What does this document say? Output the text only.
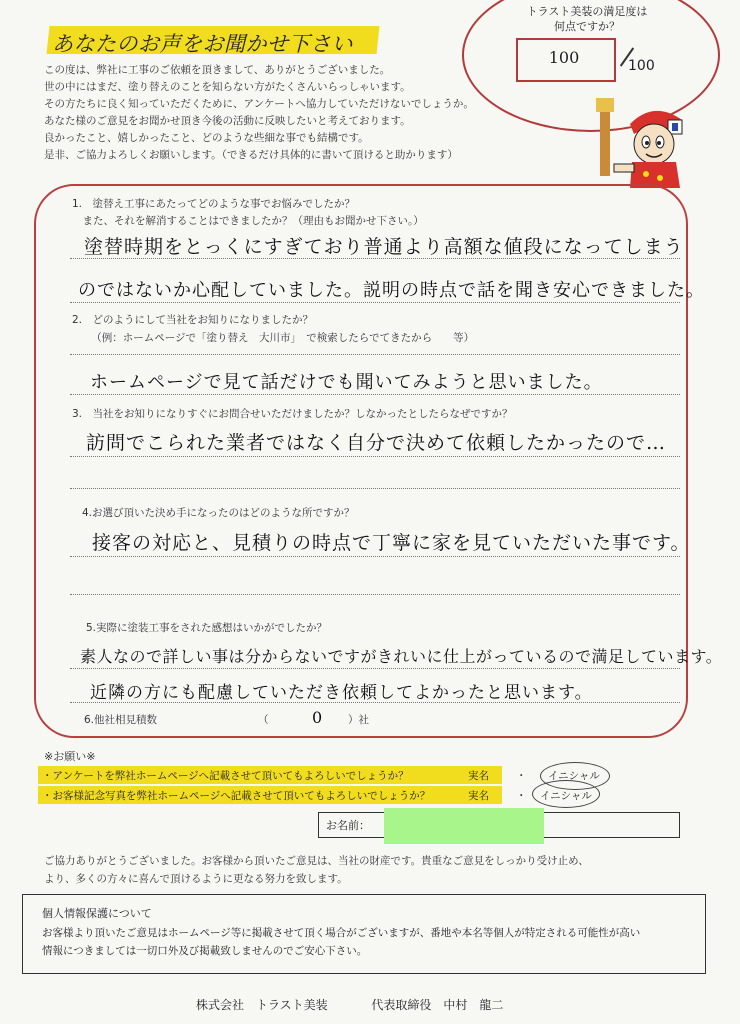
あなたのお声をお聞かせ下さい
この度は、弊社に工事のご依頼を頂きまして、ありがとうございました。
世の中にはまだ、塗り替えのことを知らない方がたくさんいらっしゃいます。
その方たちに良く知っていただくために、アンケートへ協力していただけないでしょうか。
あなた様のご意見をお聞かせ頂き今後の活動に反映したいと考えております。
良かったこと、嬉しかったこと、どのような些細な事でも結構です。
是非、ご協力よろしくお願いします。（できるだけ具体的に書いて頂けると助かります）
トラスト美装の満足度は
何点ですか？
100	100
1.　塗替え工事にあたってどのような事でお悩みでしたか？
　また、それを解消することはできましたか？（理由もお聞かせ下さい。）
塗替時期をとっくにすぎており普通より高額な値段になってしまう
のではないか心配していました。説明の時点で話を聞き安心できました。
2.　どのようにして当社をお知りになりましたか？
　（例：ホームページで「塗り替え　大川市」　で検索したらでてきたから　　等）
ホームページで見て話だけでも聞いてみようと思いました。
3.　当社をお知りになりすぐにお問合せいただけましたか？しなかったとしたらなぜですか？
訪問でこられた業者ではなく自分で決めて依頼したかったので…
4.お選び頂いた決め手になったのはどのような所ですか？
接客の対応と、見積りの時点で丁寧に家を見ていただいた事です。
5.実際に塗装工事をされた感想はいかがでしたか？
素人なので詳しい事は分からないですがきれいに仕上がっているので満足しています。
近隣の方にも配慮していただき依頼してよかったと思います。
6.他社相見積数	（	0 ）社
※お願い※
・アンケートを弊社ホームページへ記載させて頂いてもよろしいでしょうか？	実名	・ イニシャル
・お客様記念写真を弊社ホームページへ記載させて頂いてもよろしいでしょうか？	実名	・ イニシャル
お名前：
ご協力ありがとうございました。お客様から頂いたご意見は、当社の財産です。貴重なご意見をしっかり受け止め、
より、多くの方々に喜んで頂けるように更なる努力を致します。
個人情報保護について
お客様より頂いたご意見はホームページ等に掲載させて頂く場合がございますが、番地や本名等個人が特定される可能性が高い
情報につきましては一切口外及び掲載致しませんのでご安心下さい。
株式会社　トラスト美装	代表取締役　中村　龍二
